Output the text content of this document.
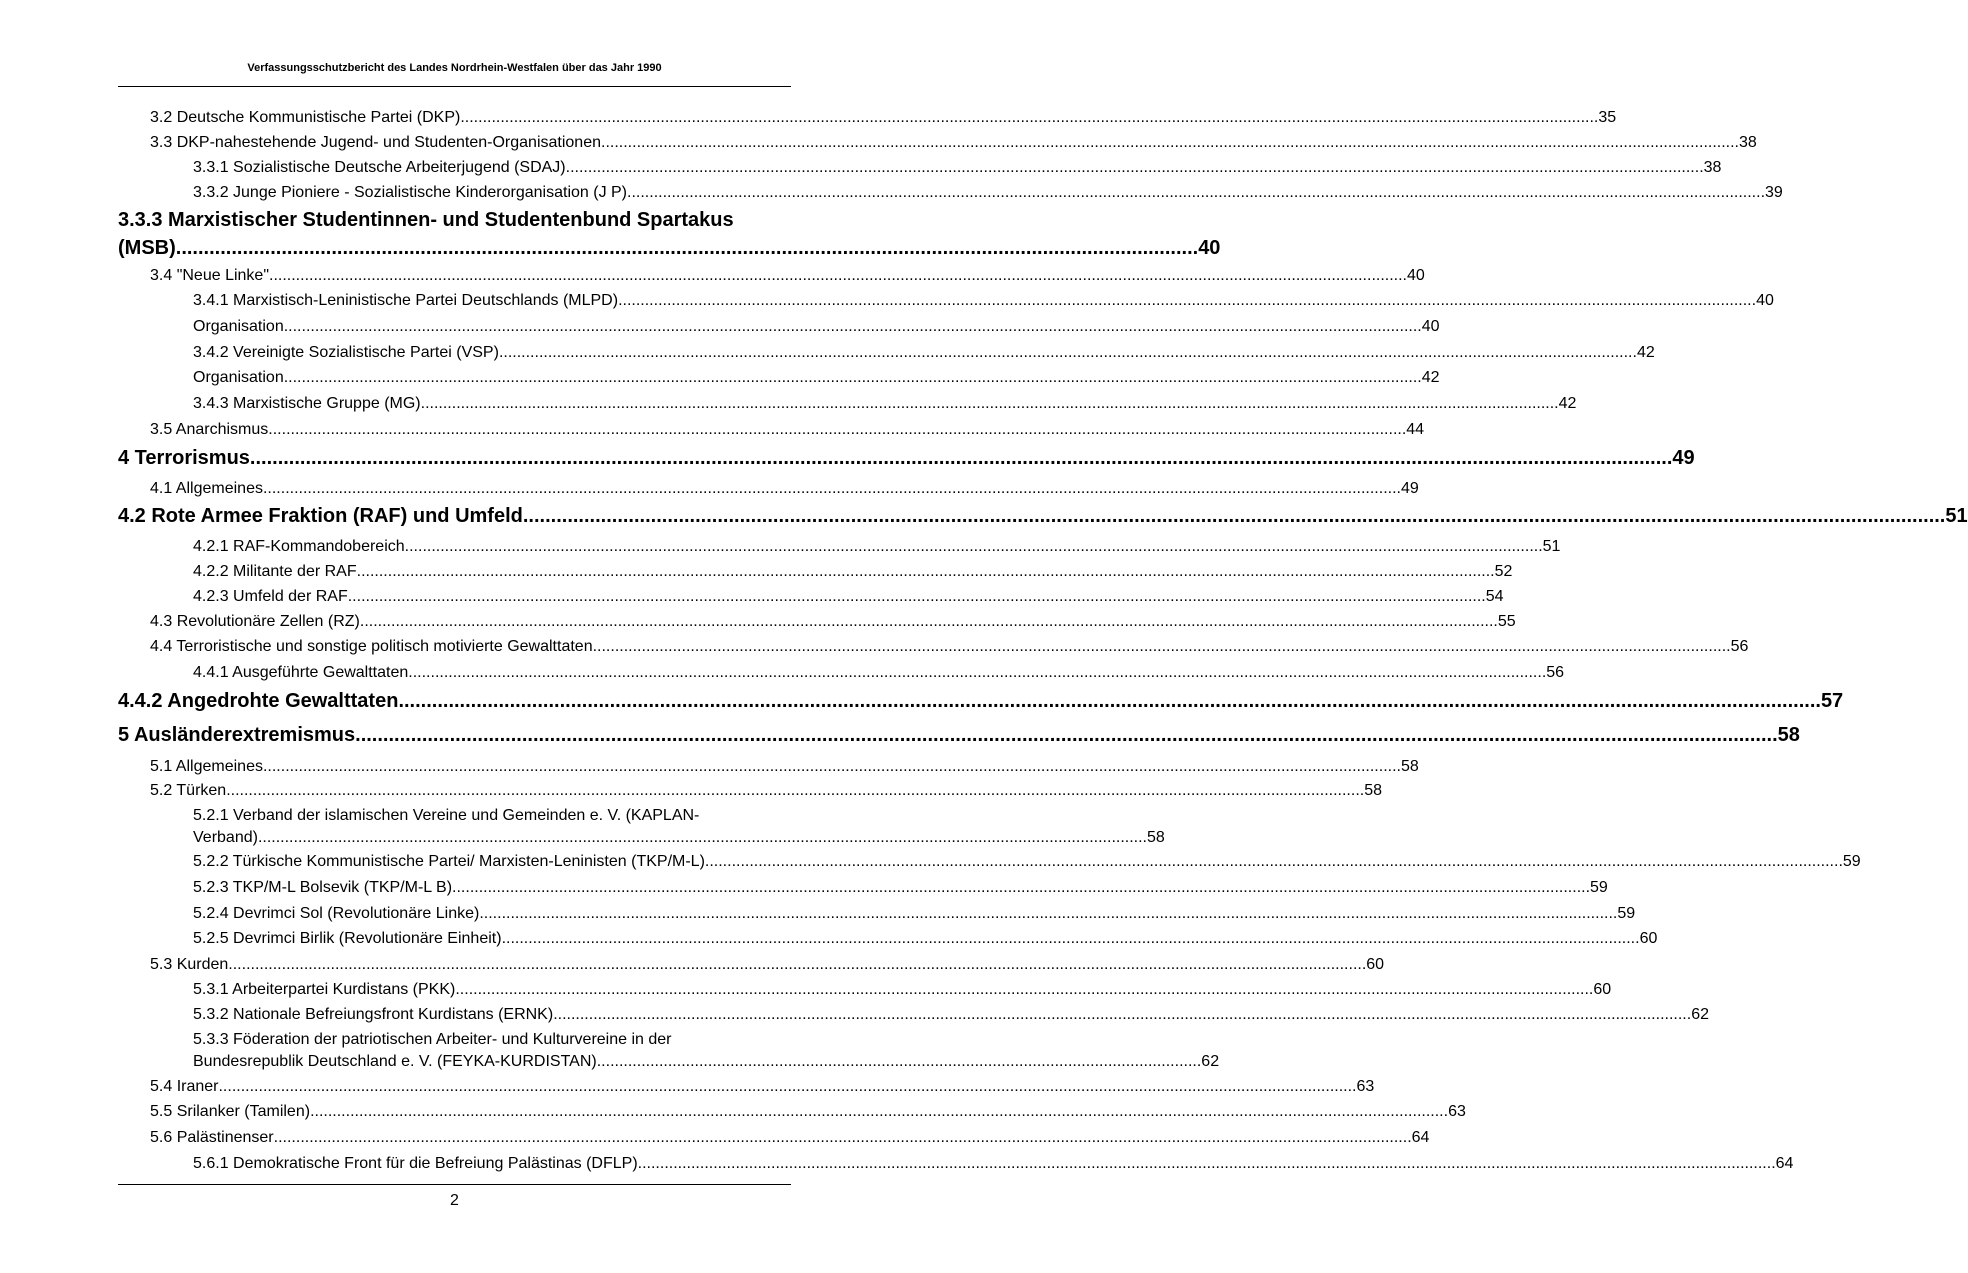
Verfassungsschutzbericht des Landes Nordrhein-Westfalen über das Jahr 1990
3.2 Deutsche Kommunistische Partei (DKP) .....	35
3.3 DKP-nahestehende Jugend- und Studenten-Organisationen .....	38
3.3.1 Sozialistische Deutsche Arbeiterjugend (SDAJ) .....	38
3.3.2 Junge Pioniere - Sozialistische Kinderorganisation (J P) .....	39
3.3.3 Marxistischer Studentinnen- und Studentenbund Spartakus
(MSB) ........................................................................................................................................................................................ 40
3.4 "Neue Linke" .....	40
3.4.1 Marxistisch-Leninistische Partei Deutschlands (MLPD) .....	40
Organisation .....	40
3.4.2 Vereinigte Sozialistische Partei (VSP) .....	42
Organisation .....	42
3.4.3 Marxistische Gruppe (MG) .....	42
3.5 Anarchismus .....	44
4 Terrorismus .....	49
4.1 Allgemeines .....	49
4.2 Rote Armee Fraktion (RAF) und Umfeld .....	51
4.2.1 RAF-Kommandobereich .....	51
4.2.2 Militante der RAF .....	52
4.2.3 Umfeld der RAF .....	54
4.3 Revolutionäre Zellen (RZ) .....	55
4.4 Terroristische und sonstige politisch motivierte Gewalttaten .....	56
4.4.1 Ausgeführte Gewalttaten .....	56
4.4.2 Angedrohte Gewalttaten .....	57
5 Ausländerextremismus .....	58
5.1 Allgemeines .....	58
5.2 Türken .....	58
5.2.1 Verband der islamischen Vereine und Gemeinden e. V. (KAPLAN-
Verband) ........................................................................................................................................................................................................ 58
5.2.2 Türkische Kommunistische Partei/ Marxisten-Leninisten (TKP/M-L) .....	59
5.2.3 TKP/M-L Bolsevik (TKP/M-L B) .....	59
5.2.4 Devrimci Sol (Revolutionäre Linke) .....	59
5.2.5 Devrimci Birlik (Revolutionäre Einheit) .....	60
5.3 Kurden .....	60
5.3.1 Arbeiterpartei Kurdistans (PKK) .....	60
5.3.2 Nationale Befreiungsfront Kurdistans (ERNK) .....	62
5.3.3 Föderation der patriotischen Arbeiter- und Kulturvereine in der
Bundesrepublik Deutschland e. V. (FEYKA-KURDISTAN) ........................................................................................................................................ 62
5.4 Iraner .....	63
5.5 Srilanker (Tamilen) .....	63
5.6 Palästinenser .....	64
5.6.1 Demokratische Front für die Befreiung Palästinas (DFLP) .....	64
2
